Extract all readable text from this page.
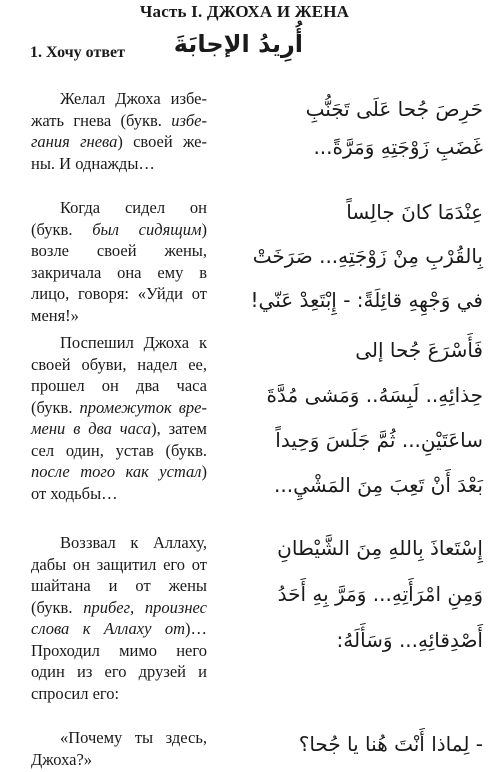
Часть I. ДЖОХА И ЖЕНА
1. Хочу ответ أُرِيدُ الإجابَةَ

Желал Джоха избе-жать гнева (букв. избе-гания гнева) своей же-ны. И однажды…

حَرِصَ جُحا عَلَى تَجَنُّبِ
غَضَبِ زَوْجَتِهِ وَمَرَّةً...

Когда сидел он (букв. был сидящим) возле своей жены, закричала она ему в лицо, говоря: «Уйди от меня!»

عِنْدَمَا كانَ جالِساً
بِالقُرْبِ مِنْ زَوْجَتِهِ... صَرَخَتْ
في وَجْهِهِ قائِلَةً: - إِبْتَعِدْ عَنّي!

Поспешил Джоха к своей обуви, надел ее, прошел он два часа (букв. промежуток вре-мени в два часа), затем сел один, устав (букв. после того как устал) от ходьбы…

فَأَسْرَعَ جُحا إلى
حِذائِهِ.. لَبِسَهُ.. وَمَشى مُدَّةَ
ساعَتَيْنِ... ثُمَّ جَلَسَ وَحِيداً
بَعْدَ أَنْ تَعِبَ مِنَ المَشْيِ...

Воззвал к Аллаху, дабы он защитил его от шайтана и от жены (букв. прибег, произнес слова к Аллаху от)… Проходил мимо него один из его друзей и спросил его:

إِسْتَعاذَ بِاللهِ مِنَ الشَّيْطانِ
وَمِنِ امْرَأَتِهِ... وَمَرَّ بِهِ أَحَدُ
أَصْدِقائِهِ... وَسَأَلَهُ:

«Почему ты здесь, Джоха?»

- لِماذا أَنْتَ هُنا يا جُحا؟
